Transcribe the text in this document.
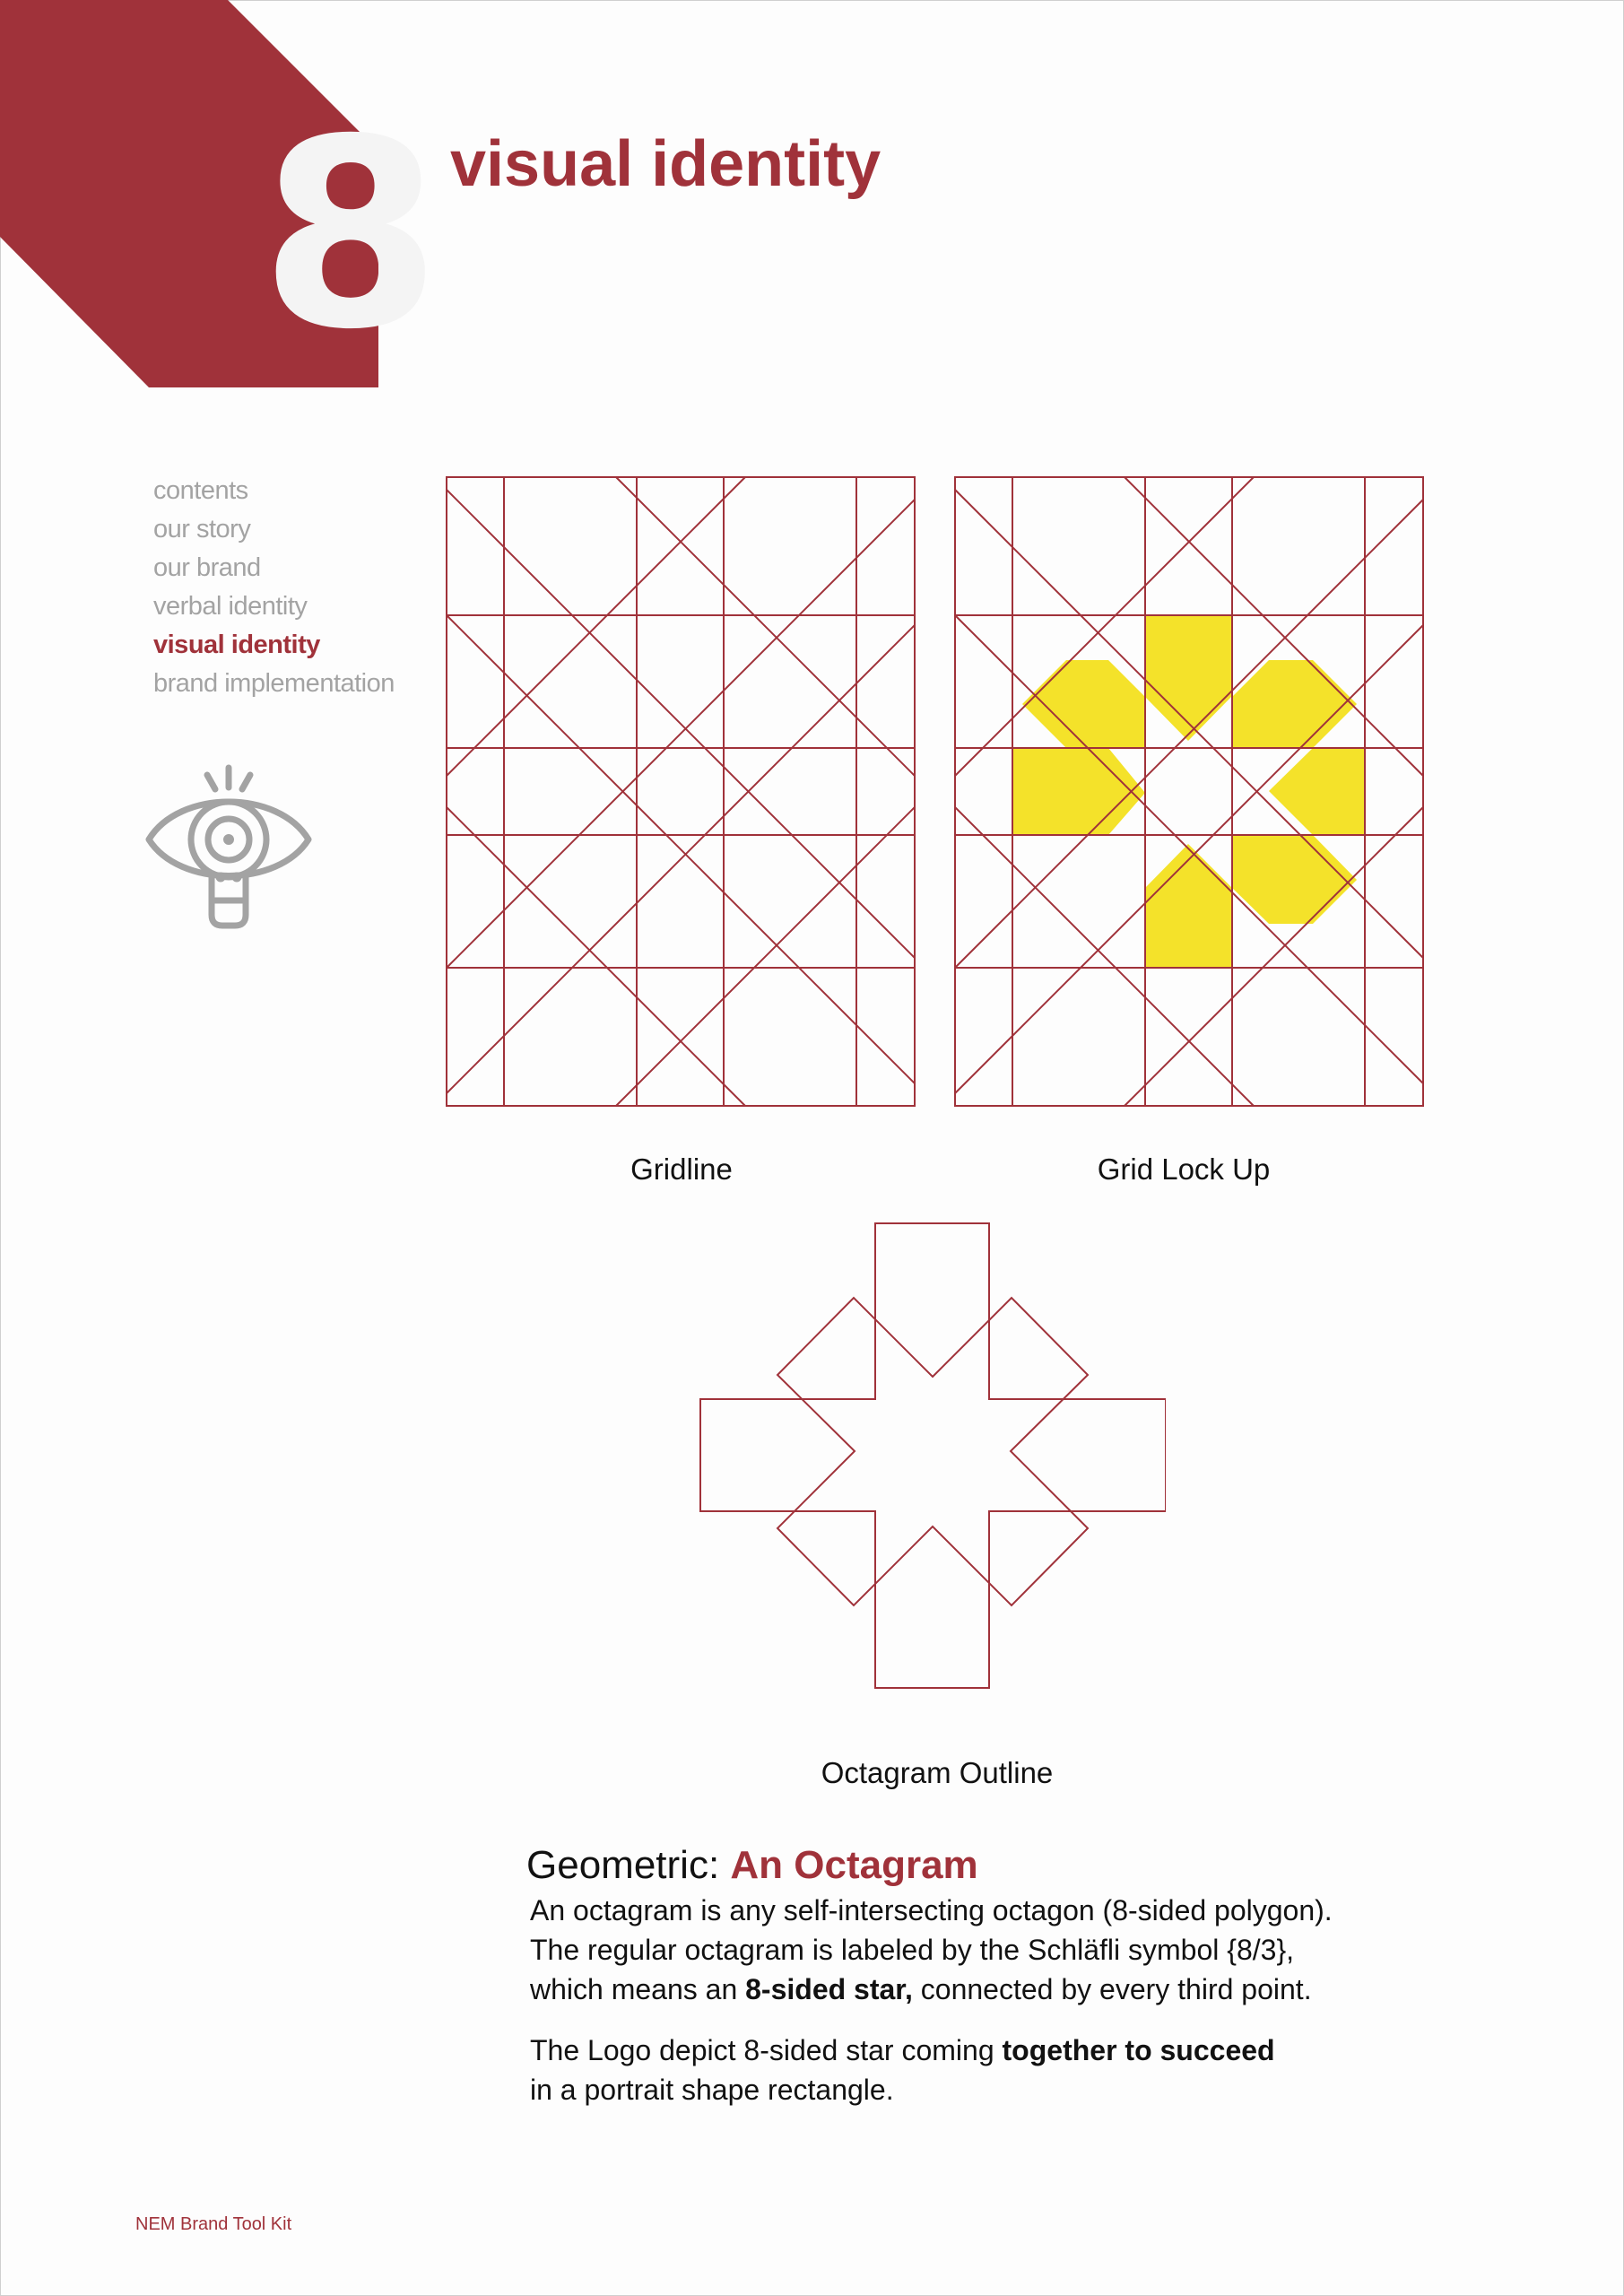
8 visual identity
contents
our story
our brand
verbal identity
visual identity
brand implementation
Gridline	Grid Lock Up
Octagram Outline
Geometric: An Octagram

An octagram is any self-intersecting octagon (8-sided polygon).
The regular octagram is labeled by the Schläfli symbol {8/3},
which means an 8-sided star, connected by every third point.

The Logo depict 8-sided star coming together to succeed
in a portrait shape rectangle.

NEM Brand Tool Kit
